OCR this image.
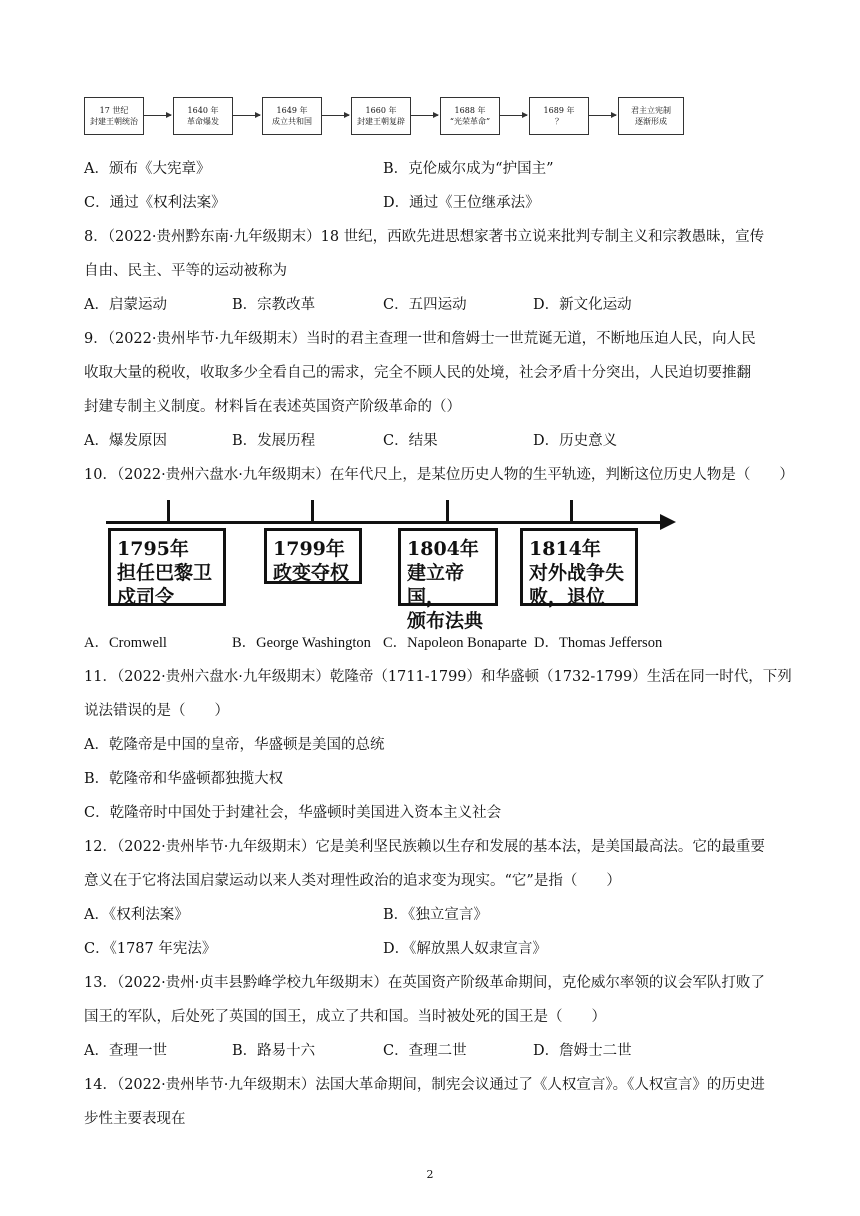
17 世纪
封建王朝统治
1640 年
革命爆发
1649 年
成立共和国
1660 年
封建王朝复辟
1688 年
“光荣革命”
1689 年
？
君主立宪制
逐渐形成
A．颁布《大宪章》	B．克伦威尔成为“护国主”
C．通过《权利法案》	D．通过《王位继承法》
8．（2022·贵州黔东南·九年级期末）18 世纪，西欧先进思想家著书立说来批判专制主义和宗教愚昧，宣传
自由、民主、平等的运动被称为
A．启蒙运动	B．宗教改革	C．五四运动	D．新文化运动
9．（2022·贵州毕节·九年级期末）当时的君主查理一世和詹姆士一世荒诞无道，不断地压迫人民，向人民
收取大量的税收，收取多少全看自己的需求，完全不顾人民的处境，社会矛盾十分突出，人民迫切要推翻
封建专制主义制度。材料旨在表述英国资产阶级革命的（）
A．爆发原因	B．发展历程	C．结果	D．历史意义
10．（2022·贵州六盘水·九年级期末）在年代尺上，是某位历史人物的生平轨迹，判断这位历史人物是（　　）
1795年
担任巴黎卫
戍司令
1799年
政变夺权
1804年
建立帝国，
颁布法典
1814年
对外战争失
败，退位
A．Cromwell	B．George Washington C．Napoleon Bonaparte D．Thomas Jefferson
11．（2022·贵州六盘水·九年级期末）乾隆帝（1711-1799）和华盛顿（1732-1799）生活在同一时代，下列
说法错误的是（　　）
A．乾隆帝是中国的皇帝，华盛顿是美国的总统
B．乾隆帝和华盛顿都独揽大权
C．乾隆帝时中国处于封建社会，华盛顿时美国进入资本主义社会
12．（2022·贵州毕节·九年级期末）它是美利坚民族赖以生存和发展的基本法，是美国最高法。它的最重要
意义在于它将法国启蒙运动以来人类对理性政治的追求变为现实。“它”是指（　　）
A．《权利法案》	B．《独立宣言》
C．《1787 年宪法》	D．《解放黑人奴隶宣言》
13．（2022·贵州·贞丰县黔峰学校九年级期末）在英国资产阶级革命期间，克伦威尔率领的议会军队打败了
国王的军队，后处死了英国的国王，成立了共和国。当时被处死的国王是（　　）
A．查理一世	B．路易十六	C．查理二世	D．詹姆士二世
14．（2022·贵州毕节·九年级期末）法国大革命期间，制宪会议通过了《人权宣言》。《人权宣言》的历史进
步性主要表现在
2
